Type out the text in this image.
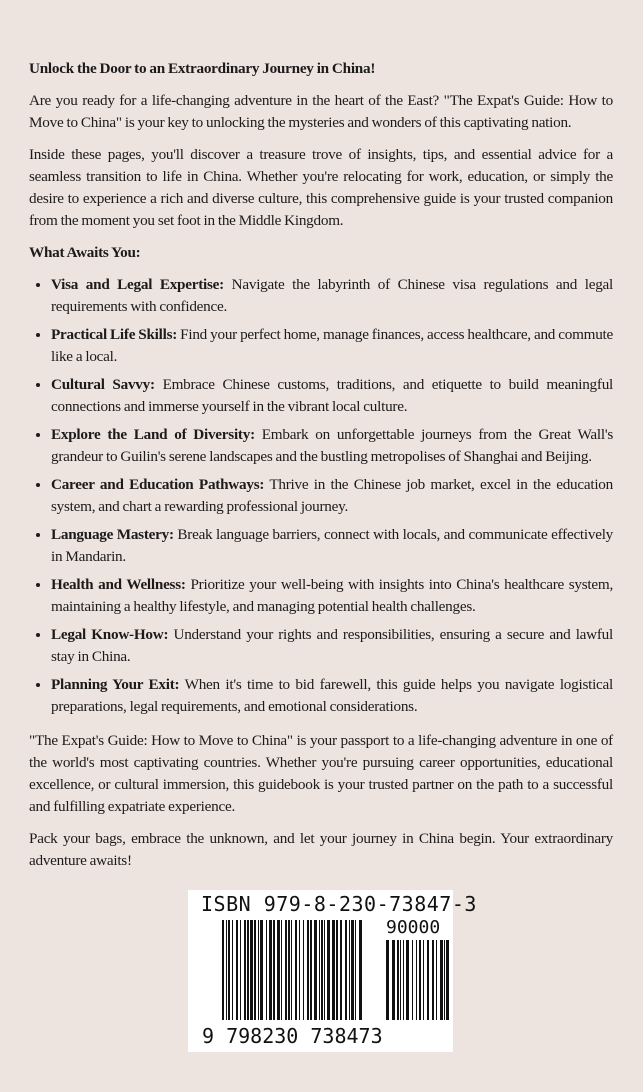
Unlock the Door to an Extraordinary Journey in China!

Are you ready for a life-changing adventure in the heart of the East? "The Expat's Guide: How to Move to China" is your key to unlocking the mysteries and wonders of this captivating nation.

Inside these pages, you'll discover a treasure trove of insights, tips, and essential advice for a seamless transition to life in China. Whether you're relocating for work, education, or simply the desire to experience a rich and diverse culture, this comprehensive guide is your trusted companion from the moment you set foot in the Middle Kingdom.

What Awaits You:

• Visa and Legal Expertise: Navigate the labyrinth of Chinese visa regulations and legal requirements with confidence.
• Practical Life Skills: Find your perfect home, manage finances, access healthcare, and commute like a local.
• Cultural Savvy: Embrace Chinese customs, traditions, and etiquette to build meaningful connections and immerse yourself in the vibrant local culture.
• Explore the Land of Diversity: Embark on unforgettable journeys from the Great Wall's grandeur to Guilin's serene landscapes and the bustling metropolises of Shanghai and Beijing.
• Career and Education Pathways: Thrive in the Chinese job market, excel in the education system, and chart a rewarding professional journey.
• Language Mastery: Break language barriers, connect with locals, and communicate effectively in Mandarin.
• Health and Wellness: Prioritize your well-being with insights into China's healthcare system, maintaining a healthy lifestyle, and managing potential health challenges.
• Legal Know-How: Understand your rights and responsibilities, ensuring a secure and lawful stay in China.
• Planning Your Exit: When it's time to bid farewell, this guide helps you navigate logistical preparations, legal requirements, and emotional considerations.

"The Expat's Guide: How to Move to China" is your passport to a life-changing adventure in one of the world's most captivating countries. Whether you're pursuing career opportunities, educational excellence, or cultural immersion, this guidebook is your trusted partner on the path to a successful and fulfilling expatriate experience.

Pack your bags, embrace the unknown, and let your journey in China begin. Your extraordinary adventure awaits!

ISBN 979-8-230-73847-3
90000
9 798230 738473
